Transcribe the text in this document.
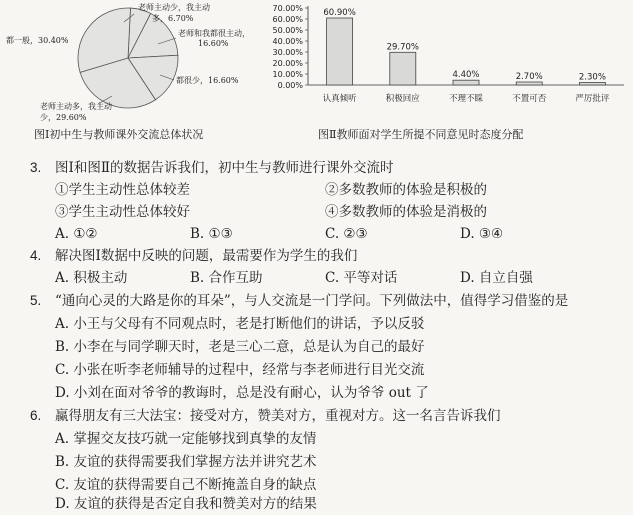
老师主动少，我主动
多，6.70%
老师和我都很主动，
16.60%
都很少，16.60%
老师主动多，我主动
少，29.60%
都一般，30.40%
图Ⅰ初中生与教师课外交流总体状况
70.00%
60.00%
50.00%
40.00%
30.00%
20.00%
10.00%
0.00%
60.90%
认真倾听
29.70%
积极回应
4.40%
不理不睬
2.70%
不置可否
2.30%
严厉批评
图Ⅱ教师面对学生所提不同意见时态度分配
3. 图Ⅰ和图Ⅱ的数据告诉我们，初中生与教师进行课外交流时
①学生主动性总体较差	②多数教师的体验是积极的
③学生主动性总体较好	④多数教师的体验是消极的
A. ①②	B. ①③	C. ②③	D. ③④
4. 解决图Ⅰ数据中反映的问题，最需要作为学生的我们
A. 积极主动	B. 合作互助	C. 平等对话	D. 自立自强
5. “通向心灵的大路是你的耳朵”，与人交流是一门学问。下列做法中，值得学习借鉴的是
A. 小王与父母有不同观点时，老是打断他们的讲话，予以反驳
B. 小李在与同学聊天时，老是三心二意，总是认为自己的最好
C. 小张在听李老师辅导的过程中，经常与李老师进行目光交流
D. 小刘在面对爷爷的教诲时，总是没有耐心，认为爷爷 out 了
6. 赢得朋友有三大法宝：接受对方，赞美对方，重视对方。这一名言告诉我们
A. 掌握交友技巧就一定能够找到真挚的友情
B. 友谊的获得需要我们掌握方法并讲究艺术
C. 友谊的获得需要自己不断掩盖自身的缺点
D. 友谊的获得是否定自我和赞美对方的结果
